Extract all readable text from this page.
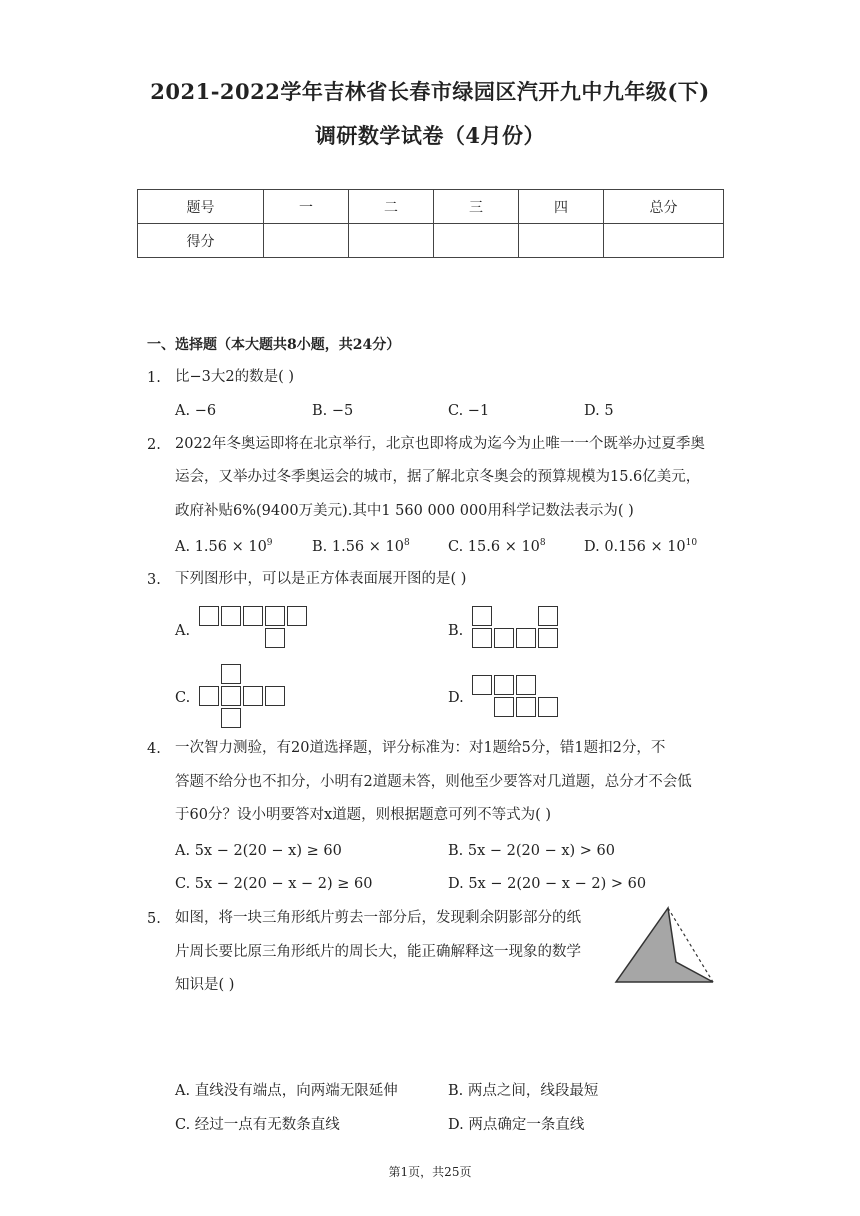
2021-2022学年吉林省长春市绿园区汽开九中九年级(下)
调研数学试卷（4月份）
题号	一	二	三	四	总分
得分					
一、选择题（本大题共8小题，共24分）
1. 比−3大2的数是( )
A. −6	B. −5	C. −1	D. 5
2. 2022年冬奥运即将在北京举行，北京也即将成为迄今为止唯一一个既举办过夏季奥
运会，又举办过冬季奥运会的城市，据了解北京冬奥会的预算规模为15.6亿美元，
政府补贴6%(9400万美元).其中1 560 000 000用科学记数法表示为( )
A. $1.56 \times 10^9$	B. $1.56 \times 10^8$	C. $15.6 \times 10^8$	D. $0.156 \times 10^{10}$
3. 下列图形中，可以是正方体表面展开图的是( )
A.	B.
C.	D.
4. 一次智力测验，有20道选择题，评分标准为：对1题给5分，错1题扣2分，不
答题不给分也不扣分，小明有2道题未答，则他至少要答对几道题，总分才不会低
于60分？设小明要答对x道题，则根据题意可列不等式为( )
A. 5x − 2(20 − x) ≥ 60	B. 5x − 2(20 − x) > 60
C. 5x − 2(20 − x − 2) ≥ 60	D. 5x − 2(20 − x − 2) > 60
5. 如图，将一块三角形纸片剪去一部分后，发现剩余阴影部分的纸
片周长要比原三角形纸片的周长大，能正确解释这一现象的数学
知识是( )
A. 直线没有端点，向两端无限延伸	B. 两点之间，线段最短
C. 经过一点有无数条直线	D. 两点确定一条直线
第1页，共25页
